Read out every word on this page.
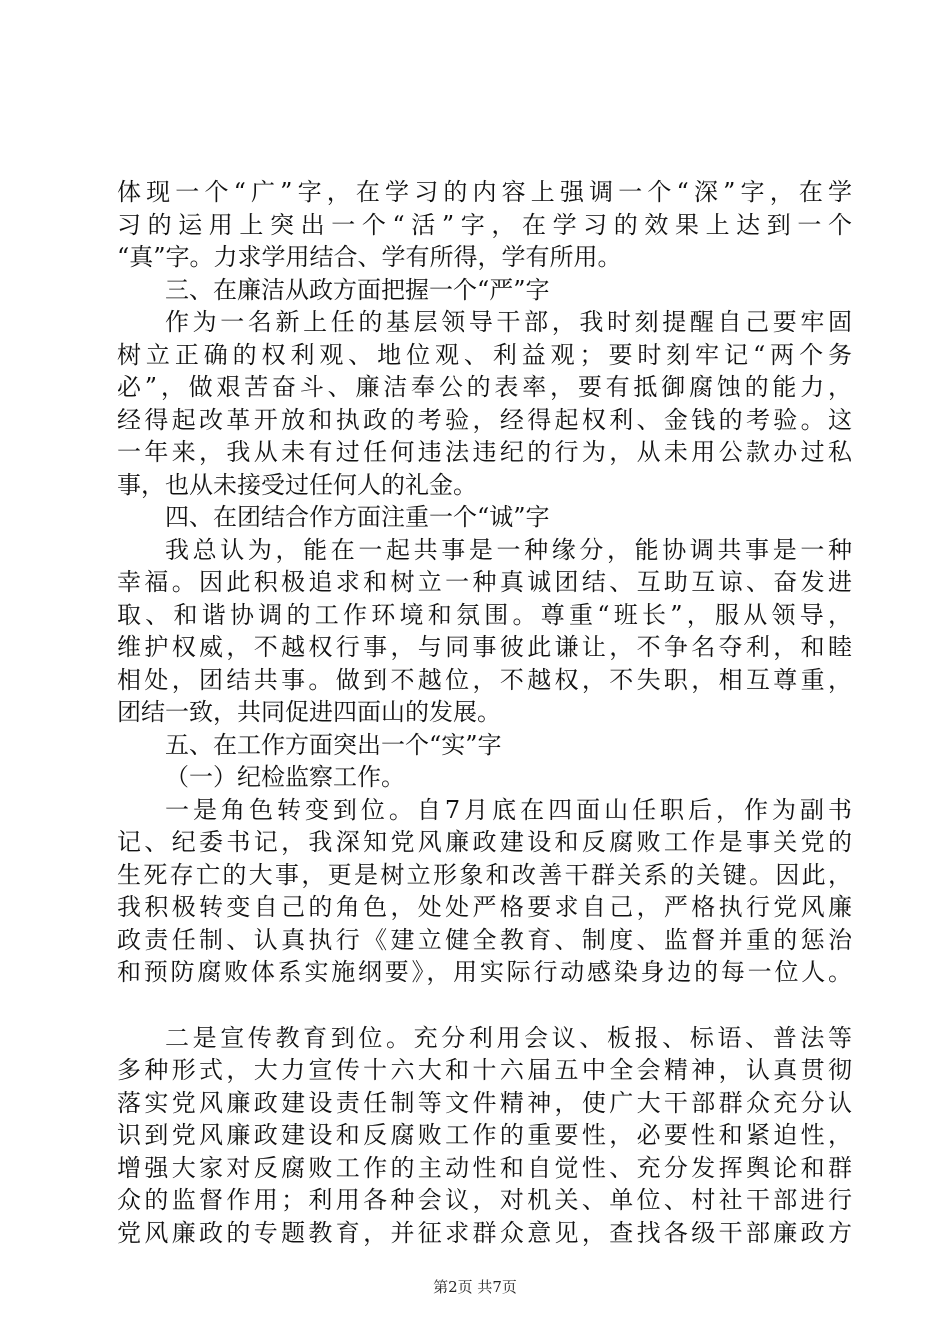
体现一个“广”字，在学习的内容上强调一个“深”字，在学
习的运用上突出一个“活”字，在学习的效果上达到一个
“真”字。力求学用结合、学有所得，学有所用。
三、在廉洁从政方面把握一个“严”字
作为一名新上任的基层领导干部，我时刻提醒自己要牢固
树立正确的权利观、地位观、利益观；要时刻牢记“两个务
必”，做艰苦奋斗、廉洁奉公的表率，要有抵御腐蚀的能力，
经得起改革开放和执政的考验，经得起权利、金钱的考验。这
一年来，我从未有过任何违法违纪的行为，从未用公款办过私
事，也从未接受过任何人的礼金。
四、在团结合作方面注重一个“诚”字
我总认为，能在一起共事是一种缘分，能协调共事是一种
幸福。因此积极追求和树立一种真诚团结、互助互谅、奋发进
取、和谐协调的工作环境和氛围。尊重“班长”，服从领导，
维护权威，不越权行事，与同事彼此谦让，不争名夺利，和睦
相处，团结共事。做到不越位，不越权，不失职，相互尊重，
团结一致，共同促进四面山的发展。
五、在工作方面突出一个“实”字
（一）纪检监察工作。
一是角色转变到位。自7月底在四面山任职后，作为副书
记、纪委书记，我深知党风廉政建设和反腐败工作是事关党的
生死存亡的大事，更是树立形象和改善干群关系的关键。因此，
我积极转变自己的角色，处处严格要求自己，严格执行党风廉
政责任制、认真执行《建立健全教育、制度、监督并重的惩治
和预防腐败体系实施纲要》，用实际行动感染身边的每一位人。
二是宣传教育到位。充分利用会议、板报、标语、普法等
多种形式，大力宣传十六大和十六届五中全会精神，认真贯彻
落实党风廉政建设责任制等文件精神，使广大干部群众充分认
识到党风廉政建设和反腐败工作的重要性，必要性和紧迫性，
增强大家对反腐败工作的主动性和自觉性、充分发挥舆论和群
众的监督作用；利用各种会议，对机关、单位、村社干部进行
党风廉政的专题教育，并征求群众意见，查找各级干部廉政方
第2页 共7页
